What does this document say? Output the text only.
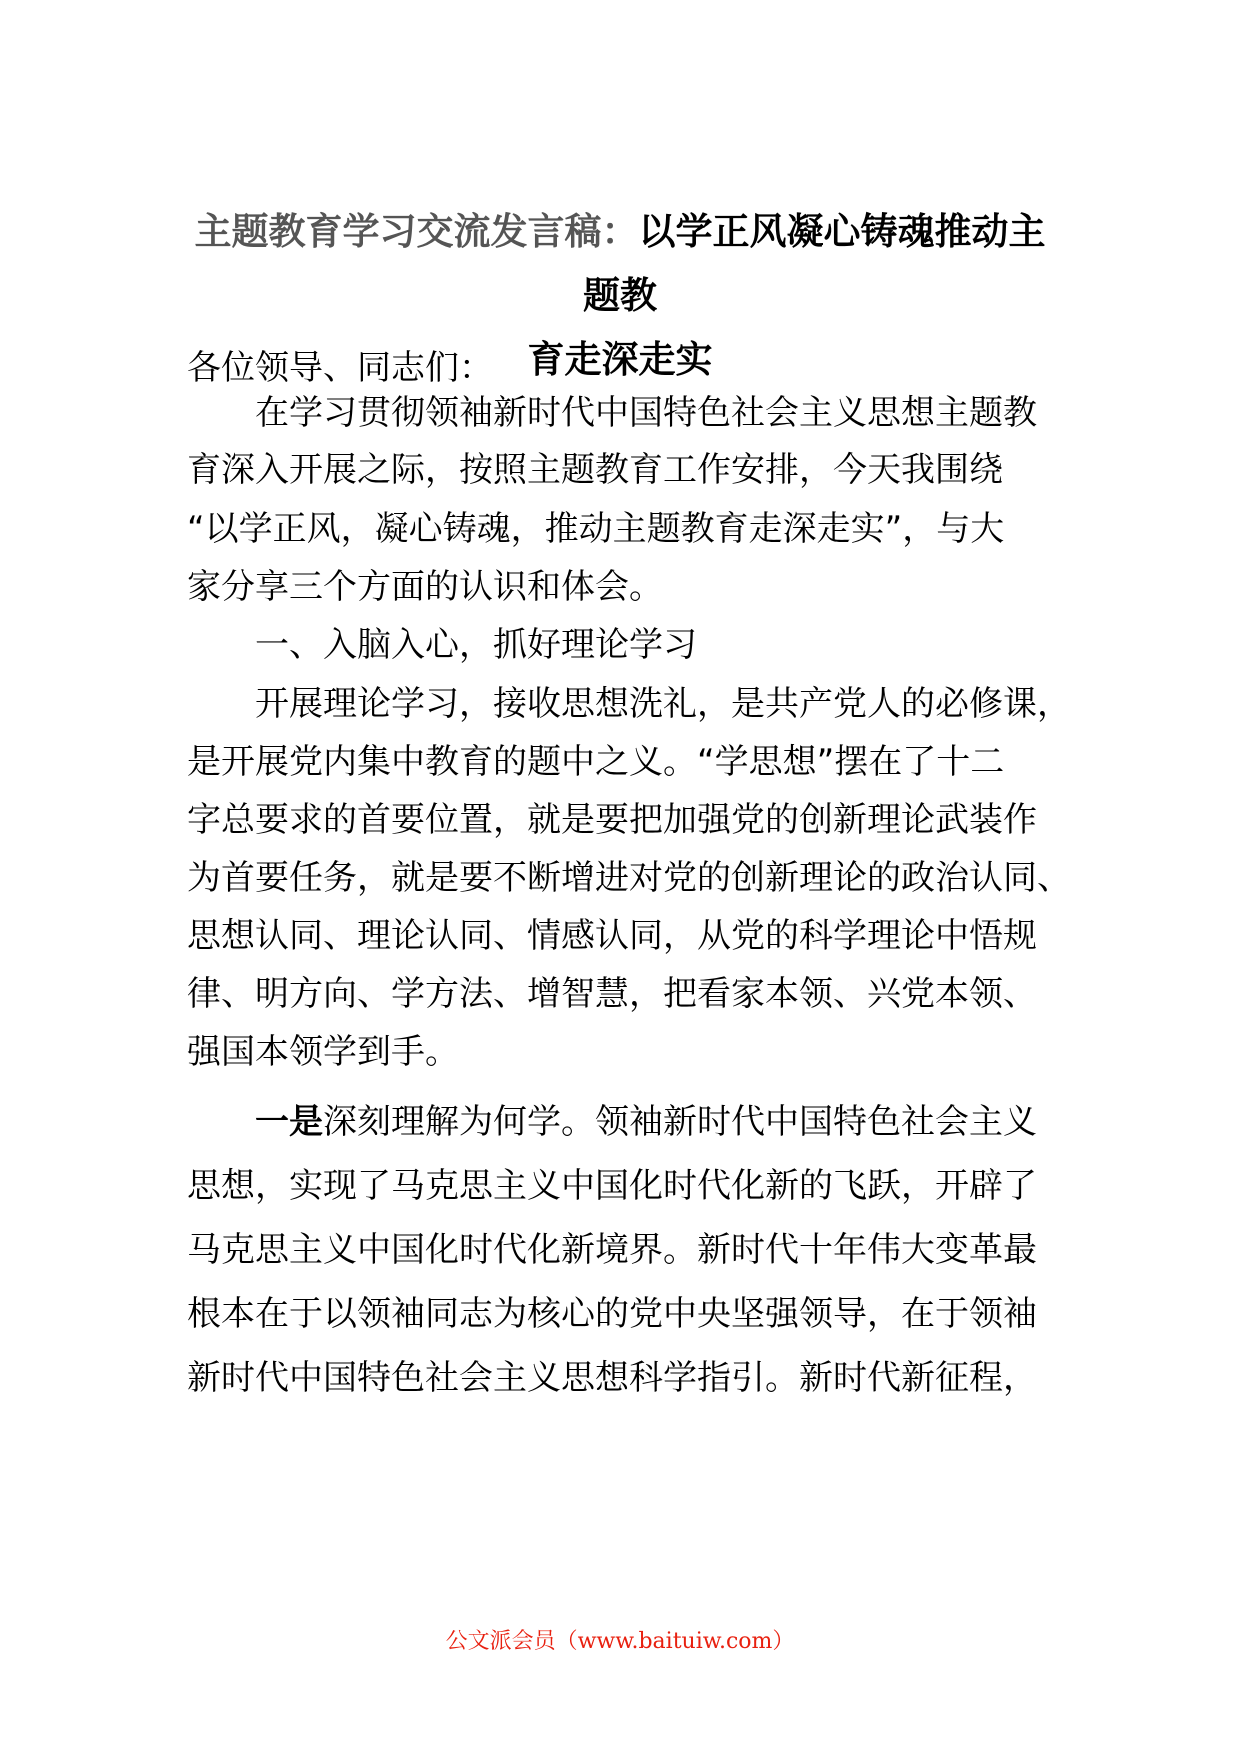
主题教育学习交流发言稿：以学正风凝心铸魂推动主题教
育走深走实
各位领导、同志们：
　　在学习贯彻领袖新时代中国特色社会主义思想主题教
育深入开展之际，按照主题教育工作安排，今天我围绕
“以学正风，凝心铸魂，推动主题教育走深走实”，与大
家分享三个方面的认识和体会。
　　一、入脑入心，抓好理论学习
　　开展理论学习，接收思想洗礼，是共产党人的必修课，
是开展党内集中教育的题中之义。“学思想”摆在了十二
字总要求的首要位置，就是要把加强党的创新理论武装作
为首要任务，就是要不断增进对党的创新理论的政治认同、
思想认同、理论认同、情感认同，从党的科学理论中悟规
律、明方向、学方法、增智慧，把看家本领、兴党本领、
强国本领学到手。
一是深刻理解为何学。领袖新时代中国特色社会主义
思想，实现了马克思主义中国化时代化新的飞跃，开辟了
马克思主义中国化时代化新境界。新时代十年伟大变革最
根本在于以领袖同志为核心的党中央坚强领导，在于领袖
新时代中国特色社会主义思想科学指引。新时代新征程，
公文派会员（www.baituiw.com）
